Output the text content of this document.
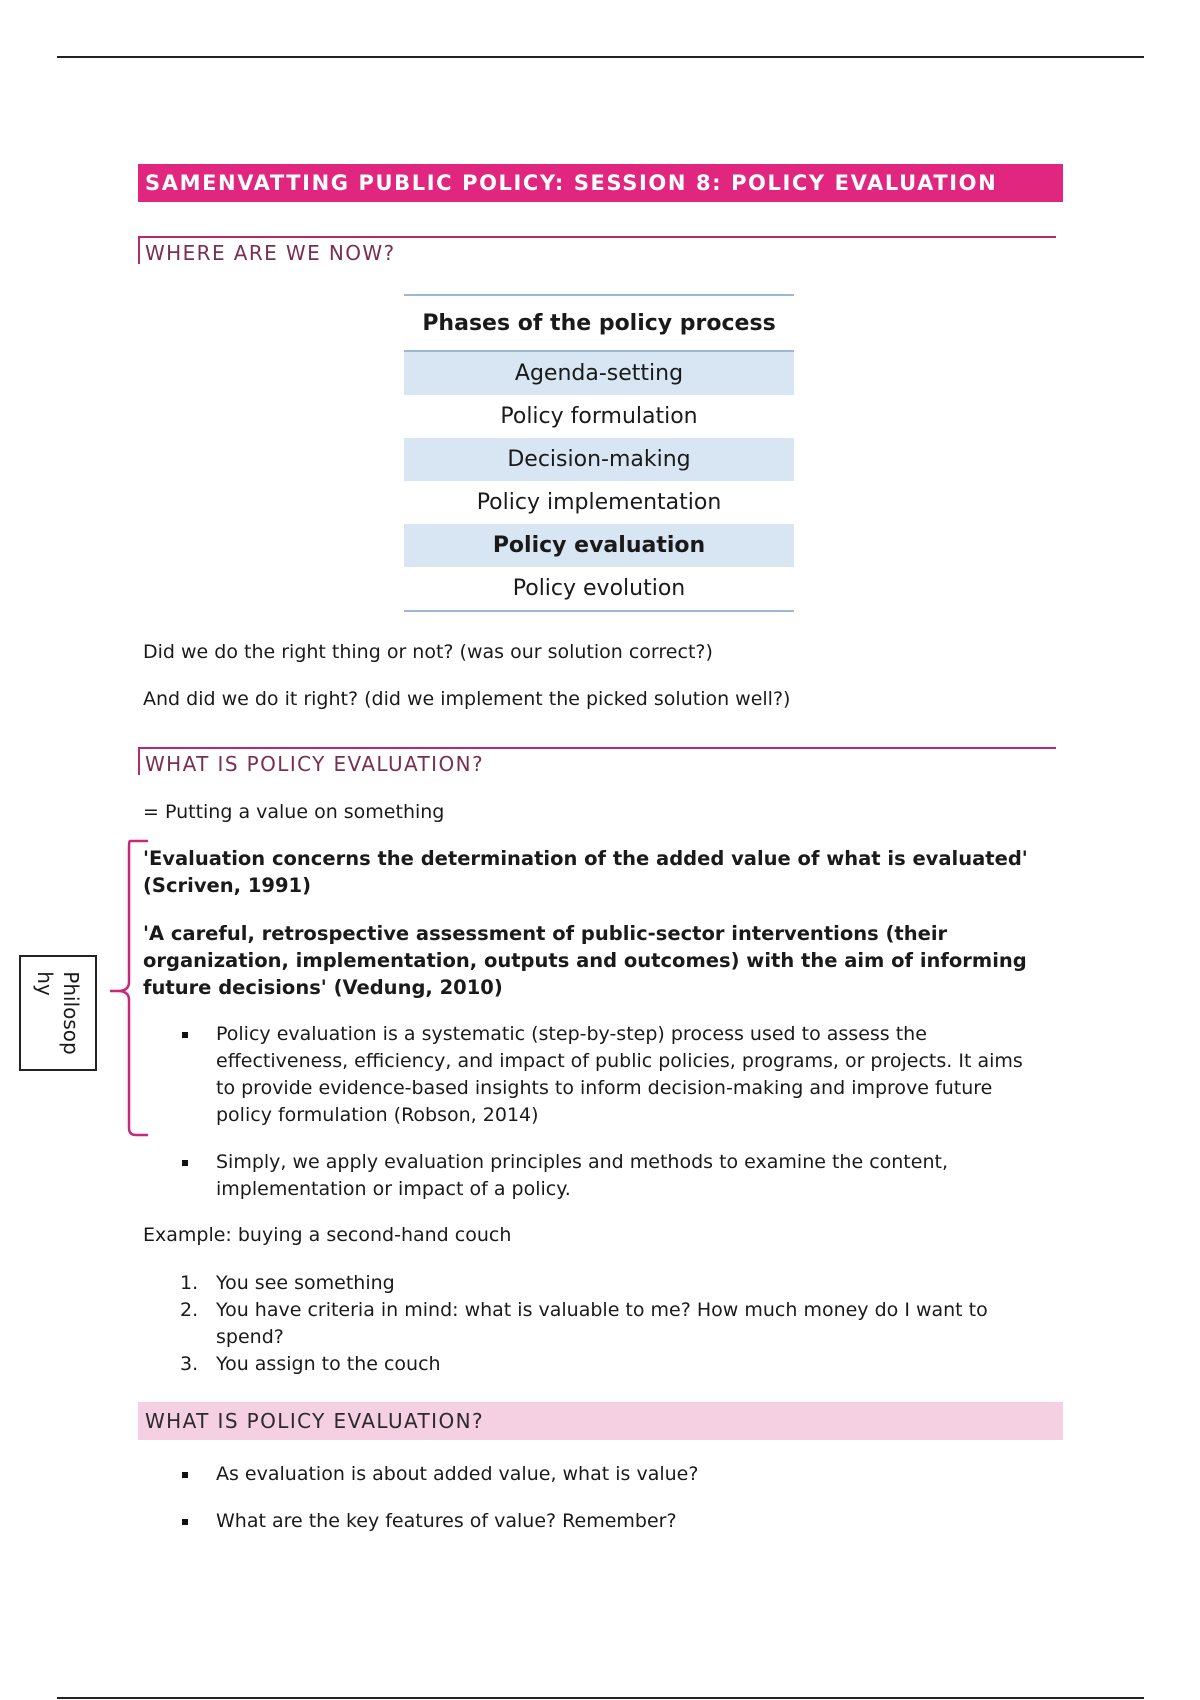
SAMENVATTING PUBLIC POLICY: SESSION 8: POLICY EVALUATION
WHERE ARE WE NOW?
Phases of the policy process
Agenda-setting
Policy formulation
Decision-making
Policy implementation
Policy evaluation
Policy evolution
Did we do the right thing or not? (was our solution correct?)
And did we do it right? (did we implement the picked solution well?)
WHAT IS POLICY EVALUATION?
= Putting a value on something
'Evaluation concerns the determination of the added value of what is evaluated' (Scriven, 1991)
'A careful, retrospective assessment of public-sector interventions (their organization, implementation, outputs and outcomes) with the aim of informing future decisions' (Vedung, 2010)
Policy evaluation is a systematic (step-by-step) process used to assess the effectiveness, efficiency, and impact of public policies, programs, or projects. It aims to provide evidence-based insights to inform decision-making and improve future policy formulation (Robson, 2014)
Simply, we apply evaluation principles and methods to examine the content, implementation or impact of a policy.
Example: buying a second-hand couch
1. You see something
2. You have criteria in mind: what is valuable to me? How much money do I want to spend?
3. You assign to the couch
WHAT IS POLICY EVALUATION?
As evaluation is about added value, what is value?
What are the key features of value? Remember?
Philosop
hy
